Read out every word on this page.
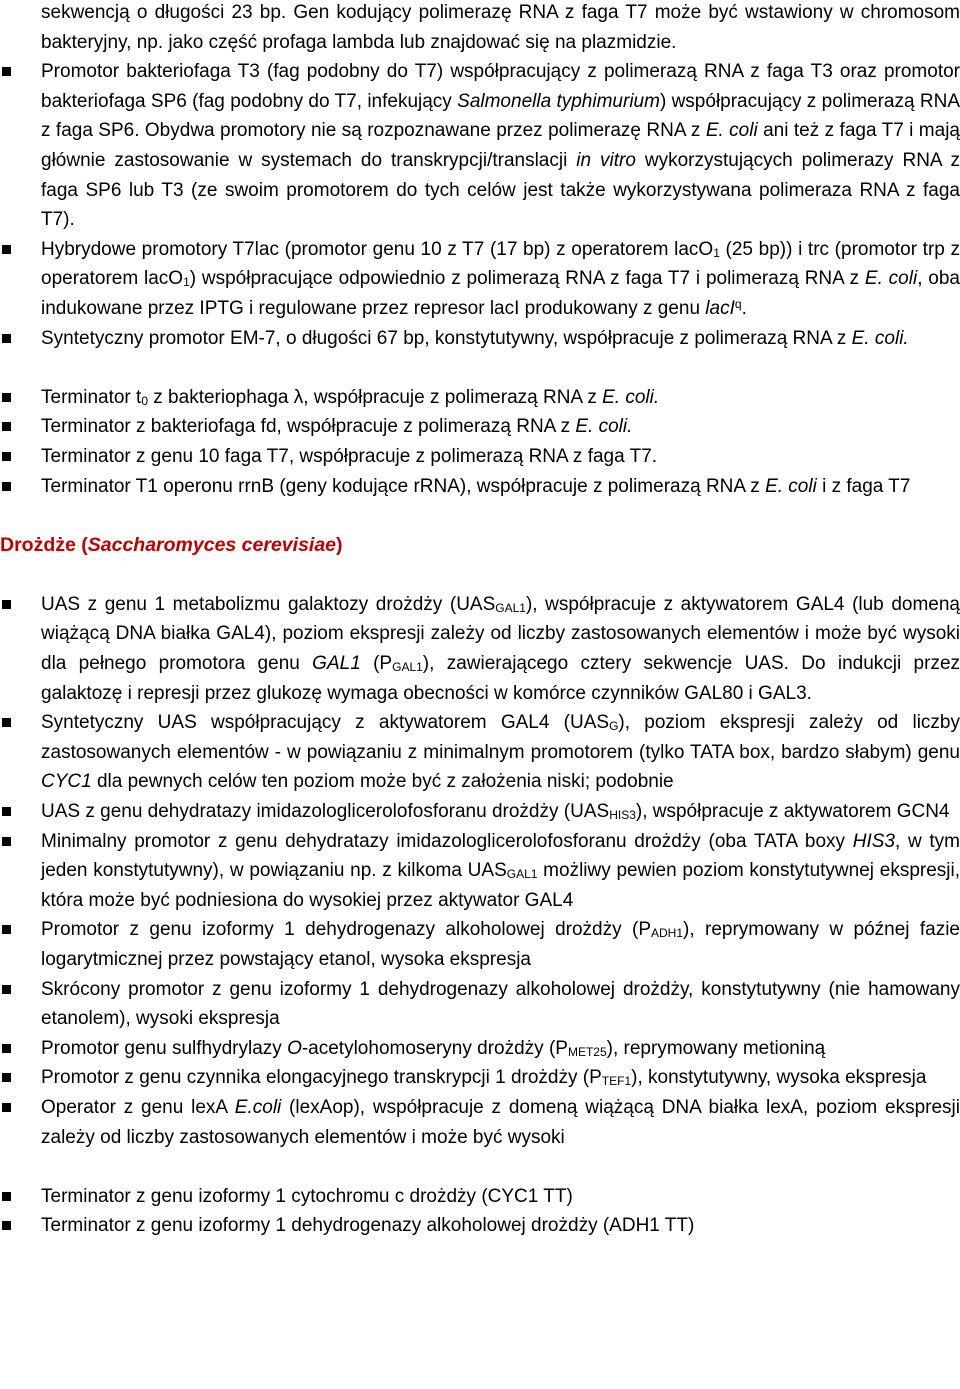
sekwencją o długości 23 bp. Gen kodujący polimerazę RNA z faga T7 może być wstawiony w chromosom bakteryjny, np. jako część profaga lambda lub znajdować się na plazmidzie.

Promotor bakteriofaga T3 (fag podobny do T7) współpracujący z polimerazą RNA z faga T3 oraz promotor bakteriofaga SP6 (fag podobny do T7, infekujący Salmonella typhimurium) współpracujący z polimerazą RNA z faga SP6. Obydwa promotory nie są rozpoznawane przez polimerazę RNA z E. coli ani też z faga T7 i mają głównie zastosowanie w systemach do transkrypcji/translacji in vitro wykorzystujących polimerazy RNA z faga SP6 lub T3 (ze swoim promotorem do tych celów jest także wykorzystywana polimeraza RNA z faga T7).
Hybrydowe promotory T7lac (promotor genu 10 z T7 (17 bp) z operatorem lacO$_1$ (25 bp)) i trc (promotor trp z operatorem lacO$_1$) współpracujące odpowiednio z polimerazą RNA z faga T7 i polimerazą RNA z E. coli, oba indukowane przez IPTG i regulowane przez represor lacI produkowany z genu lacI$^q$.
Syntetyczny promotor EM-7, o długości 67 bp, konstytutywny, współpracuje z polimerazą RNA z E. coli.
Terminator $t_0$ z bakteriophaga λ, współpracuje z polimerazą RNA z E. coli.
Terminator z bakteriofaga fd, współpracuje z polimerazą RNA z E. coli.
Terminator z genu 10 faga T7, współpracuje z polimerazą RNA z faga T7.
Terminator T1 operonu rrnB (geny kodujące rRNA), współpracuje z polimerazą RNA z E. coli i z faga T7
Drożdże (Saccharomyces cerevisiae)
UAS z genu 1 metabolizmu galaktozy drożdży $(UAS_{GAL1})$, współpracuje z aktywatorem GAL4 (lub domeną wiążącą DNA białka GAL4), poziom ekspresji zależy od liczby zastosowanych elementów i może być wysoki dla pełnego promotora genu GAL1 $(P_{GAL1})$, zawierającego cztery sekwencje UAS. Do indukcji przez galaktozę i represji przez glukozę wymaga obecności w komórce czynników GAL80 i GAL3.
Syntetyczny UAS współpracujący z aktywatorem GAL4 $(UAS_G)$, poziom ekspresji zależy od liczby zastosowanych elementów - w powiązaniu z minimalnym promotorem (tylko TATA box, bardzo słabym) genu CYC1 dla pewnych celów ten poziom może być z założenia niski; podobnie
UAS z genu dehydratazy imidazologlicerolofosforanu drożdży $(UAS_{HIS3})$, współpracuje z aktywatorem GCN4
Minimalny promotor z genu dehydratazy imidazologlicerolofosforanu drożdży (oba TATA boxy HIS3, w tym jeden konstytutywny), w powiązaniu np. z kilkoma $UAS_{GAL1}$ możliwy pewien poziom konstytutywnej ekspresji, która może być podniesiona do wysokiej przez aktywator GAL4
Promotor z genu izoformy 1 dehydrogenazy alkoholowej drożdży $(P_{ADH1})$, reprymowany w późnej fazie logarytmicznej przez powstający etanol, wysoka ekspresja
Skrócony promotor z genu izoformy 1 dehydrogenazy alkoholowej drożdży, konstytutywny (nie hamowany etanolem), wysoki ekspresja
Promotor genu sulfhydrylazy O-acetylohomoseryny drożdży $(P_{MET25})$, reprymowany metioniną
Promotor z genu czynnika elongacyjnego transkrypcji 1 drożdży $(P_{TEF1})$, konstytutywny, wysoka ekspresja
Operator z genu lexA E.coli (lexAop), współpracuje z domeną wiążącą DNA białka lexA, poziom ekspresji zależy od liczby zastosowanych elementów i może być wysoki
Terminator z genu izoformy 1 cytochromu c drożdży (CYC1 TT)
Terminator z genu izoformy 1 dehydrogenazy alkoholowej drożdży (ADH1 TT)
